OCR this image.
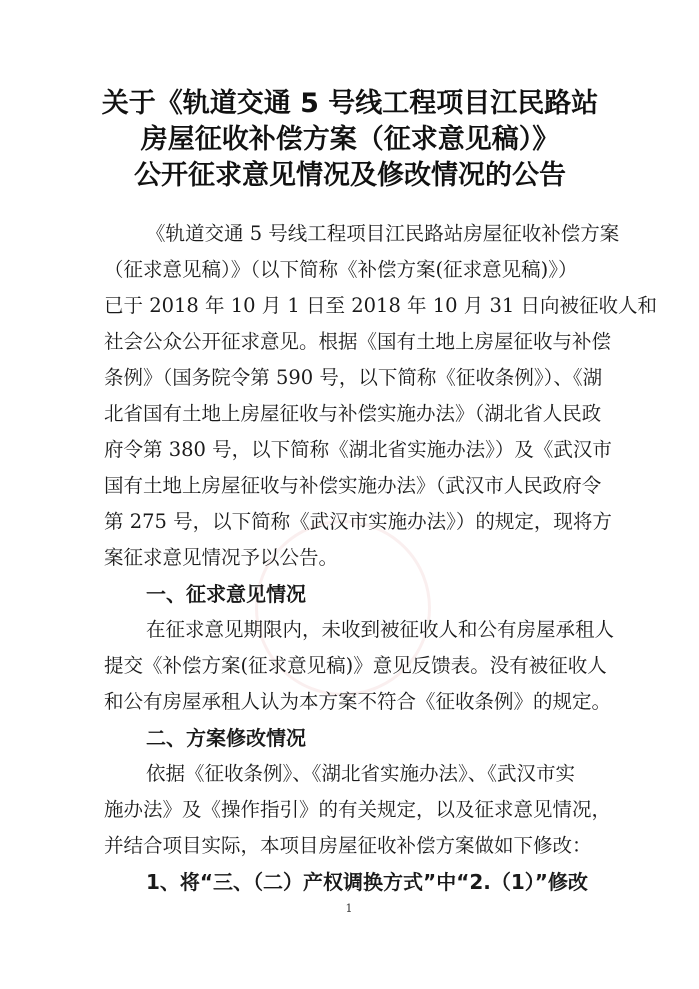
关于《轨道交通 5 号线工程项目江民路站
房屋征收补偿方案（征求意见稿）》
公开征求意见情况及修改情况的公告
《轨道交通 5 号线工程项目江民路站房屋征收补偿方案
（征求意见稿）》（以下简称《补偿方案(征求意见稿)》）
已于 2018 年 10 月 1 日至 2018 年 10 月 31 日向被征收人和
社会公众公开征求意见。根据《国有土地上房屋征收与补偿
条例》（国务院令第 590 号，以下简称《征收条例》）、《湖
北省国有土地上房屋征收与补偿实施办法》（湖北省人民政
府令第 380 号，以下简称《湖北省实施办法》）及《武汉市
国有土地上房屋征收与补偿实施办法》（武汉市人民政府令
第 275 号，以下简称《武汉市实施办法》）的规定，现将方
案征求意见情况予以公告。
一、征求意见情况
在征求意见期限内，未收到被征收人和公有房屋承租人
提交《补偿方案(征求意见稿)》意见反馈表。没有被征收人
和公有房屋承租人认为本方案不符合《征收条例》的规定。
二、方案修改情况
依据《征收条例》、《湖北省实施办法》、《武汉市实
施办法》及《操作指引》的有关规定，以及征求意见情况，
并结合项目实际，本项目房屋征收补偿方案做如下修改：
1、将“三、（二）产权调换方式”中“2.（1）”修改
1
